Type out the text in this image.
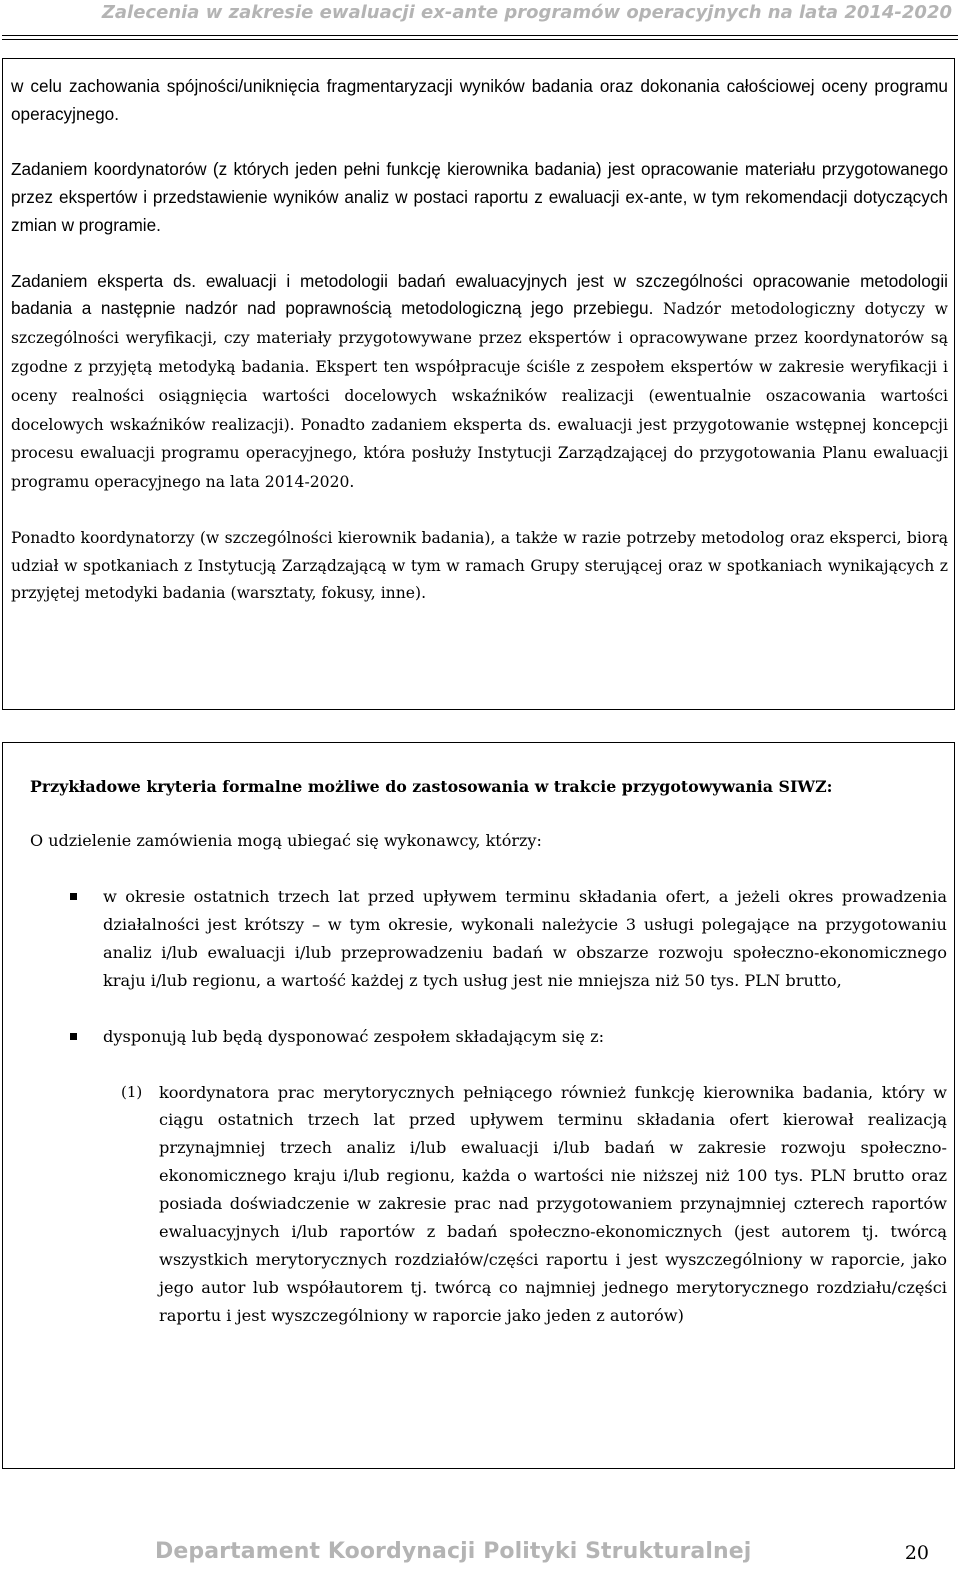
Zalecenia w zakresie ewaluacji ex-ante programów operacyjnych na lata 2014-2020

w celu zachowania spójności/uniknięcia fragmentaryzacji wyników badania oraz dokonania całościowej oceny programu operacyjnego.

Zadaniem koordynatorów (z których jeden pełni funkcję kierownika badania) jest opracowanie materiału przygotowanego przez ekspertów i przedstawienie wyników analiz w postaci raportu z ewaluacji ex-ante, w tym rekomendacji dotyczących zmian w programie.

Zadaniem eksperta ds. ewaluacji i metodologii badań ewaluacyjnych jest w szczególności opracowanie metodologii badania a następnie nadzór nad poprawnością metodologiczną jego przebiegu. Nadzór metodologiczny dotyczy w szczególności weryfikacji, czy materiały przygotowywane przez ekspertów i opracowywane przez koordynatorów są zgodne z przyjętą metodyką badania. Ekspert ten współpracuje ściśle z zespołem ekspertów w zakresie weryfikacji i oceny realności osiągnięcia wartości docelowych wskaźników realizacji (ewentualnie oszacowania wartości docelowych wskaźników realizacji). Ponadto zadaniem eksperta ds. ewaluacji jest przygotowanie wstępnej koncepcji procesu ewaluacji programu operacyjnego, która posłuży Instytucji Zarządzającej do przygotowania Planu ewaluacji programu operacyjnego na lata 2014-2020.

Ponadto koordynatorzy (w szczególności kierownik badania), a także w razie potrzeby metodolog oraz eksperci, biorą udział w spotkaniach z Instytucją Zarządzającą w tym w ramach Grupy sterującej oraz w spotkaniach wynikających z przyjętej metodyki badania (warsztaty, fokusy, inne).

Przykładowe kryteria formalne możliwe do zastosowania w trakcie przygotowywania SIWZ:

O udzielenie zamówienia mogą ubiegać się wykonawcy, którzy:

w okresie ostatnich trzech lat przed upływem terminu składania ofert, a jeżeli okres prowadzenia działalności jest krótszy – w tym okresie, wykonali należycie 3 usługi polegające na przygotowaniu analiz i/lub ewaluacji i/lub przeprowadzeniu badań w obszarze rozwoju społeczno-ekonomicznego kraju i/lub regionu, a wartość każdej z tych usług jest nie mniejsza niż 50 tys. PLN brutto,
dysponują lub będą dysponować zespołem składającym się z:
(1) koordynatora prac merytorycznych pełniącego również funkcję kierownika badania, który w ciągu ostatnich trzech lat przed upływem terminu składania ofert kierował realizacją przynajmniej trzech analiz i/lub ewaluacji i/lub badań w zakresie rozwoju społeczno-ekonomicznego kraju i/lub regionu, każda o wartości nie niższej niż 100 tys. PLN brutto oraz posiada doświadczenie w zakresie prac nad przygotowaniem przynajmniej czterech raportów ewaluacyjnych i/lub raportów z badań społeczno-ekonomicznych (jest autorem tj. twórcą wszystkich merytorycznych rozdziałów/części raportu i jest wyszczególniony w raporcie, jako jego autor lub współautorem tj. twórcą co najmniej jednego merytorycznego rozdziału/części raportu i jest wyszczególniony w raporcie jako jeden z autorów)
Departament Koordynacji Polityki Strukturalnej	20
